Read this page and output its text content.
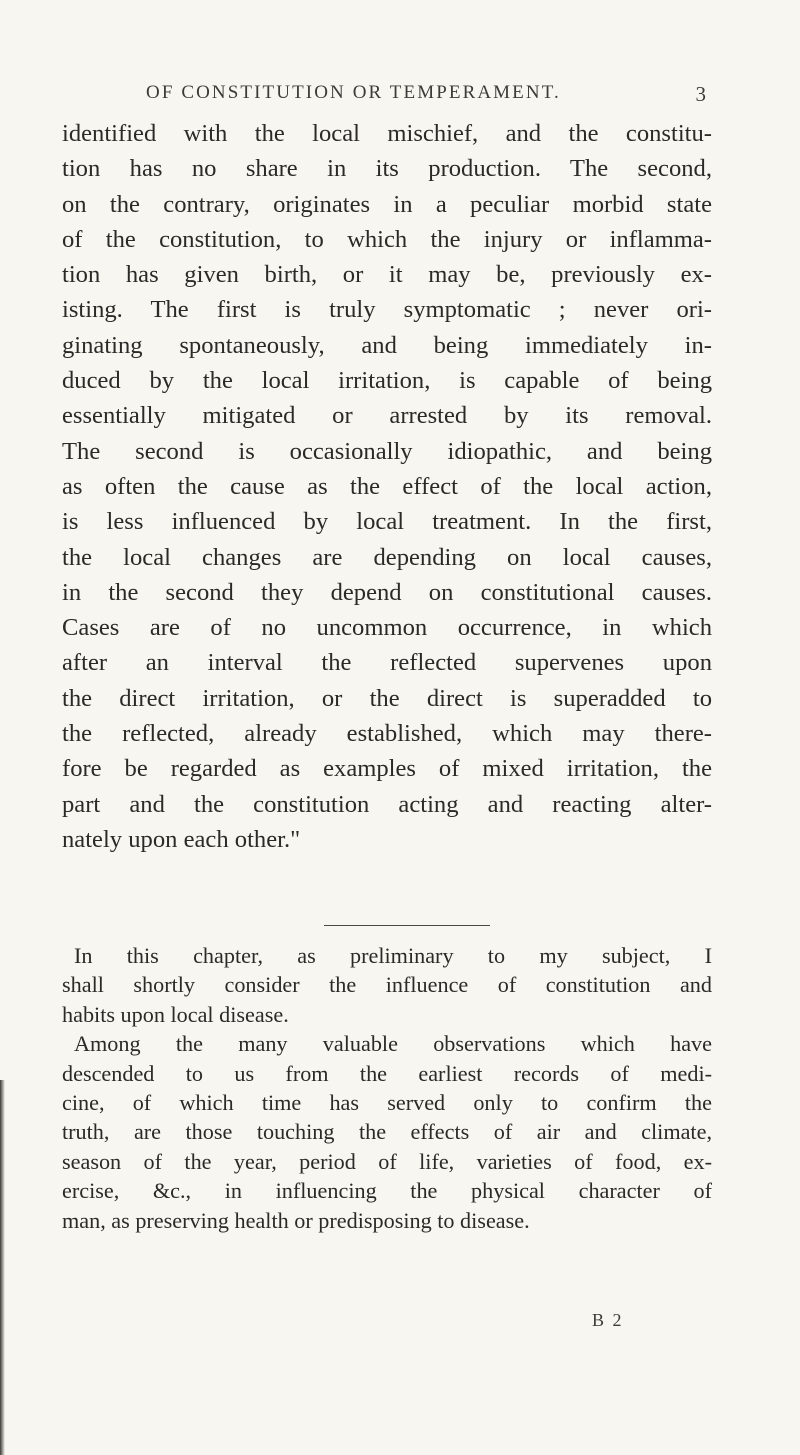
OF CONSTITUTION OR TEMPERAMENT.	3
identified with the local mischief, and the constitu-
tion has no share in its production. The second,
on the contrary, originates in a peculiar morbid state
of the constitution, to which the injury or inflamma-
tion has given birth, or it may be, previously ex-
isting. The first is truly symptomatic ; never ori-
ginating spontaneously, and being immediately in-
duced by the local irritation, is capable of being
essentially mitigated or arrested by its removal.
The second is occasionally idiopathic, and being
as often the cause as the effect of the local action,
is less influenced by local treatment. In the first,
the local changes are depending on local causes,
in the second they depend on constitutional causes.
Cases are of no uncommon occurrence, in which
after an interval the reflected supervenes upon
the direct irritation, or the direct is superadded to
the reflected, already established, which may there-
fore be regarded as examples of mixed irritation, the
part and the constitution acting and reacting alter-
nately upon each other."
In this chapter, as preliminary to my subject, I
shall shortly consider the influence of constitution and
habits upon local disease.
Among the many valuable observations which have
descended to us from the earliest records of medi-
cine, of which time has served only to confirm the
truth, are those touching the effects of air and climate,
season of the year, period of life, varieties of food, ex-
ercise, &c., in influencing the physical character of
man, as preserving health or predisposing to disease.
B 2
